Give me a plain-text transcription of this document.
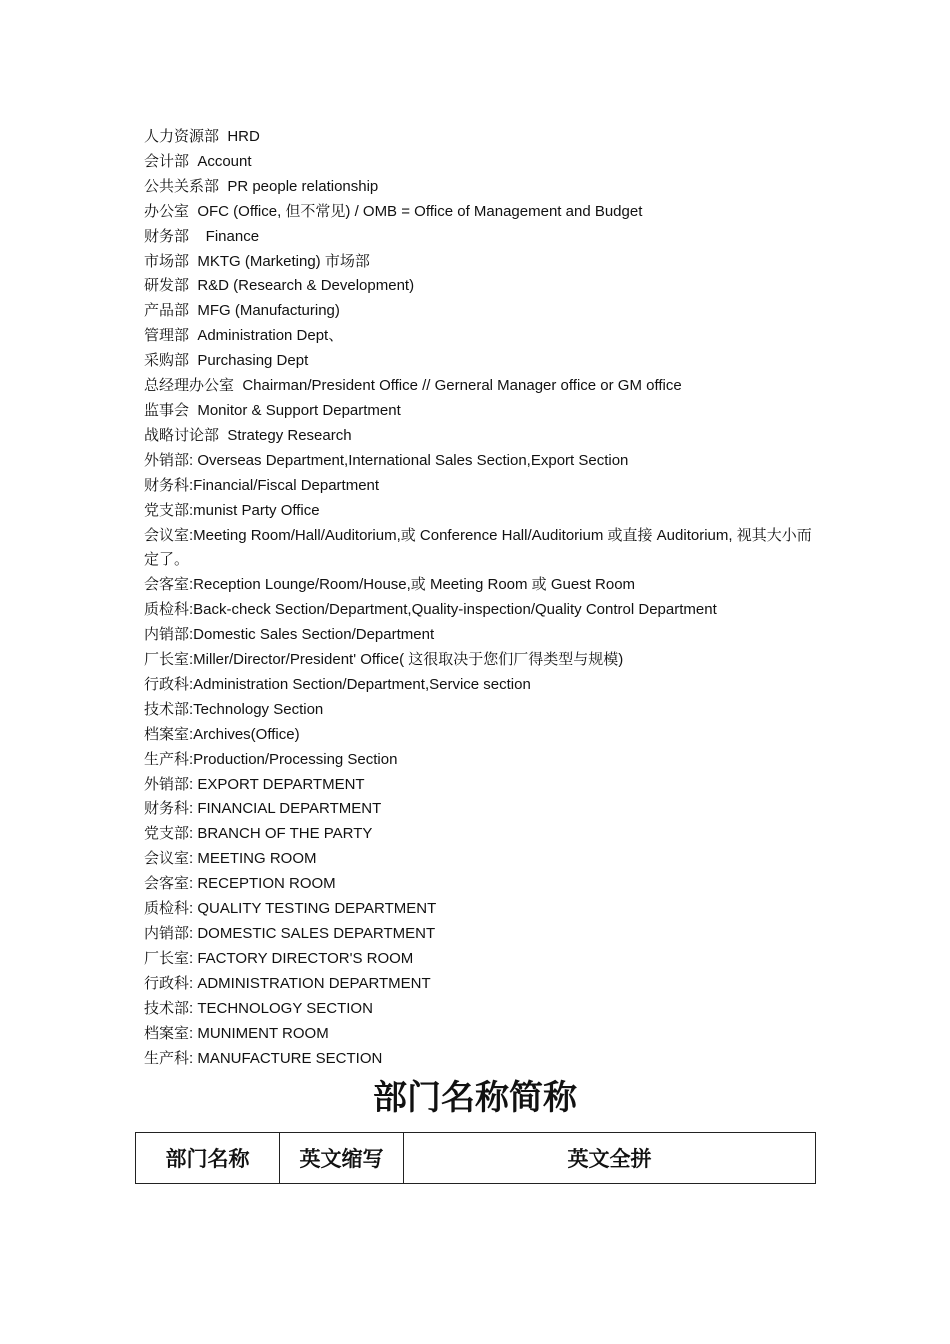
人力资源部  HRD

会计部  Account

公共关系部  PR people relationship

办公室  OFC (Office, 但不常见) / OMB = Office of Management and Budget

财务部    Finance

市场部  MKTG (Marketing) 市场部

研发部  R&D (Research & Development)

产品部  MFG (Manufacturing)

管理部  Administration Dept、

采购部  Purchasing Dept

总经理办公室  Chairman/President Office // Gerneral Manager office or GM office

监事会  Monitor & Support Department

战略讨论部  Strategy Research

外销部: Overseas Department,International Sales Section,Export Section

财务科:Financial/Fiscal Department

党支部:munist Party Office

会议室:Meeting Room/Hall/Auditorium,或 Conference Hall/Auditorium 或直接 Auditorium, 视其大小而定了。

会客室:Reception Lounge/Room/House,或 Meeting Room 或 Guest Room

质检科:Back-check Section/Department,Quality-inspection/Quality Control Department

内销部:Domestic Sales Section/Department

厂长室:Miller/Director/President' Office( 这很取决于您们厂得类型与规模)

行政科:Administration Section/Department,Service section

技术部:Technology Section

档案室:Archives(Office)

生产科:Production/Processing Section

外销部: EXPORT DEPARTMENT

财务科: FINANCIAL DEPARTMENT

党支部: BRANCH OF THE PARTY

会议室: MEETING ROOM

会客室: RECEPTION ROOM

质检科: QUALITY TESTING DEPARTMENT

内销部: DOMESTIC SALES DEPARTMENT

厂长室: FACTORY DIRECTOR'S ROOM

行政科: ADMINISTRATION DEPARTMENT

技术部: TECHNOLOGY SECTION

档案室: MUNIMENT ROOM

生产科: MANUFACTURE SECTION

部门名称简称
部门名称	英文缩写	英文全拼
